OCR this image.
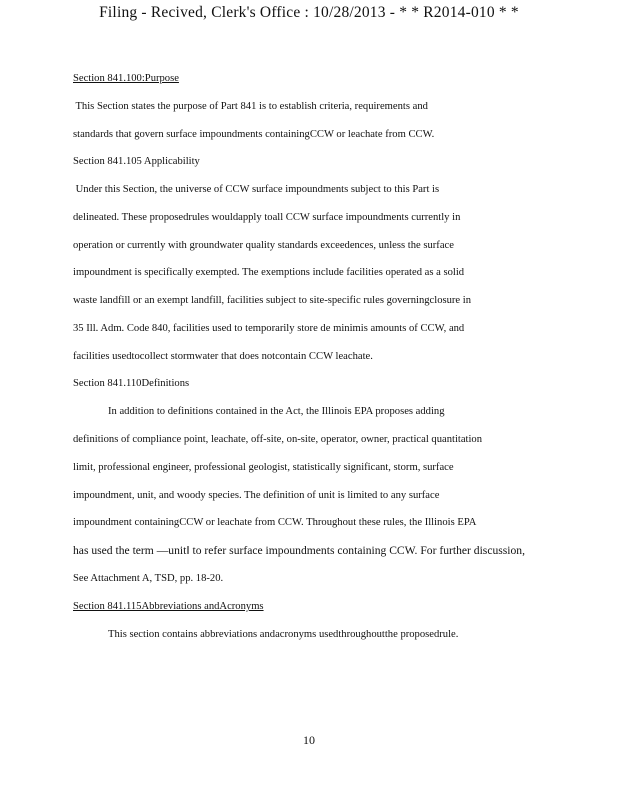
Filing - Recived, Clerk's Office : 10/28/2013 - * * R2014-010 * *
Section 841.100:Purpose
This Section states the purpose of Part 841 is to establish criteria, requirements and
standards that govern surface impoundments containingCCW or leachate from CCW.
Section 841.105 Applicability
Under this Section, the universe of CCW surface impoundments subject to this Part is
delineated. These proposedrules wouldapply toall CCW surface impoundments currently in
operation or currently with groundwater quality standards exceedences, unless the surface
impoundment is specifically exempted. The exemptions include facilities operated as a solid
waste landfill or an exempt landfill, facilities subject to site-specific rules governingclosure in
35 Ill. Adm. Code 840, facilities used to temporarily store de minimis amounts of CCW, and
facilities usedtocollect stormwater that does notcontain CCW leachate.
Section 841.110Definitions
In addition to definitions contained in the Act, the Illinois EPA proposes adding
definitions of compliance point, leachate, off-site, on-site, operator, owner, practical quantitation
limit, professional engineer, professional geologist, statistically significant, storm, surface
impoundment, unit, and woody species. The definition of unit is limited to any surface
impoundment containingCCW or leachate from CCW. Throughout these rules, the Illinois EPA
has used the term ―unit‖ to refer surface impoundments containing CCW. For further discussion,
See Attachment A, TSD, pp. 18-20.
Section 841.115Abbreviations andAcronyms
This section contains abbreviations andacronyms usedthroughoutthe proposedrule.
10
